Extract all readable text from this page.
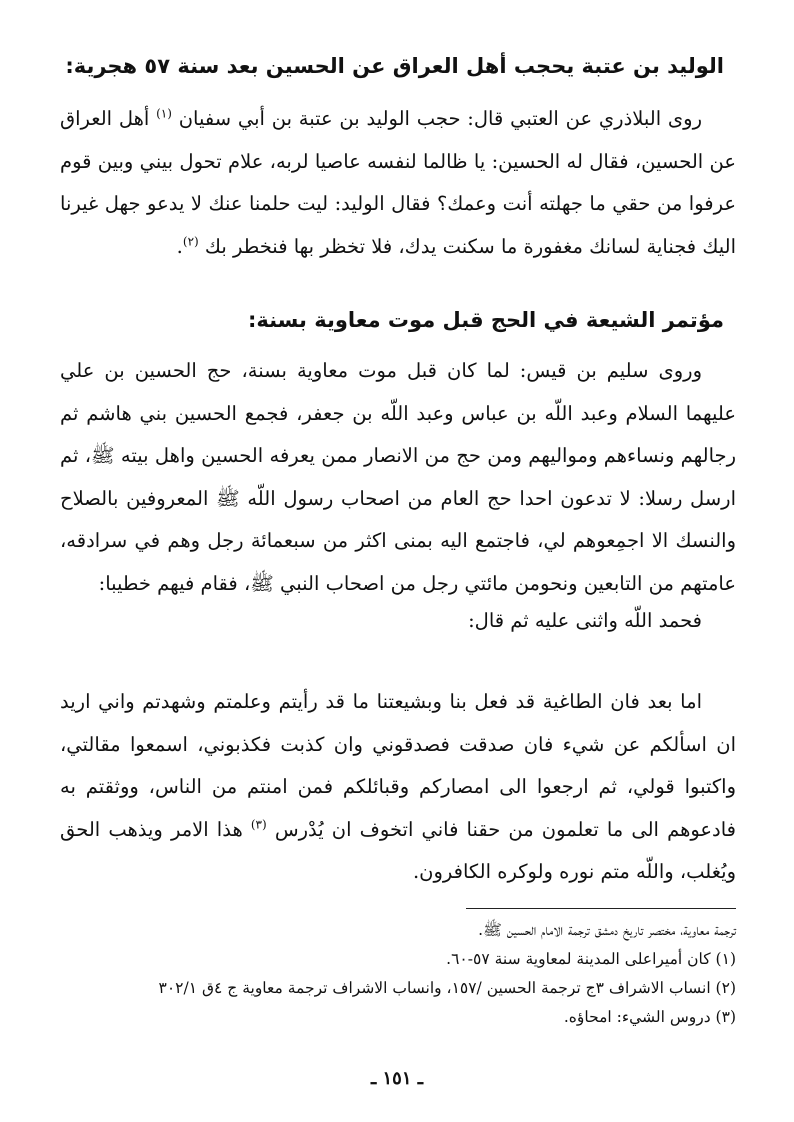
الوليد بن عتبة يحجب أهل العراق عن الحسين بعد سنة ٥٧ هجرية:

روى البلاذري عن العتبي قال: حجب الوليد بن عتبة بن أبي سفيان $^{(١)}$ أهل العراق عن الحسين، فقال له الحسين: يا ظالما لنفسه عاصيا لربه، علام تحول بيني وبين قوم عرفوا من حقي ما جهلته أنت وعمك؟ فقال الوليد: ليت حلمنا عنك لا يدعو جهل غيرنا اليك فجناية لسانك مغفورة ما سكنت يدك، فلا تخظر بها فنخطر بك $^{(٢)}$.

مؤتمر الشيعة في الحج قبل موت معاوية بسنة:

وروى سليم بن قيس: لما كان قبل موت معاوية بسنة، حج الحسين بن علي عليهما السلام وعبد اللّه بن عباس وعبد اللّه بن جعفر، فجمع الحسين بني هاشم ثم رجالهم ونساءهم ومواليهم ومن حج من الانصار ممن يعرفه الحسين واهل بيته ﷺ، ثم ارسل رسلا: لا تدعون احدا حج العام من اصحاب رسول اللّه ﷺ المعروفين بالصلاح والنسك الا اجمِعوهم لي، فاجتمع اليه بمنى اكثر من سبعمائة رجل وهم في سرادقه، عامتهم من التابعين ونحومن مائتي رجل من اصحاب النبي ﷺ، فقام فيهم خطيبا:

فحمد اللّه واثنى عليه ثم قال:

اما بعد فان الطاغية قد فعل بنا وبشيعتنا ما قد رأيتم وعلمتم وشهدتم واني اريد ان اسألكم عن شيء فان صدقت فصدقوني وان كذبت فكذبوني، اسمعوا مقالتي، واكتبوا قولي، ثم ارجعوا الى امصاركم وقبائلكم فمن امنتم من الناس، ووثقتم به فادعوهم الى ما تعلمون من حقنا فاني اتخوف ان يُدْرس $^{(٣)}$ هذا الامر ويذهب الحق ويُغلب، واللّه متم نوره ولوكره الكافرون.

ترجمة معاوية، مختصر تاريخ دمشق ترجمة الامام الحسين ﷺ.
(١) كان أميراعلى المدينة لمعاوية سنة ٥٧-٦٠.
(٢) انساب الاشراف ٣ج ترجمة الحسين /١٥٧، وانساب الاشراف ترجمة معاوية ج ٤ق ٣٠٢/١
(٣) دروس الشيء: امحاؤه.
ـ ١٥١ ـ
